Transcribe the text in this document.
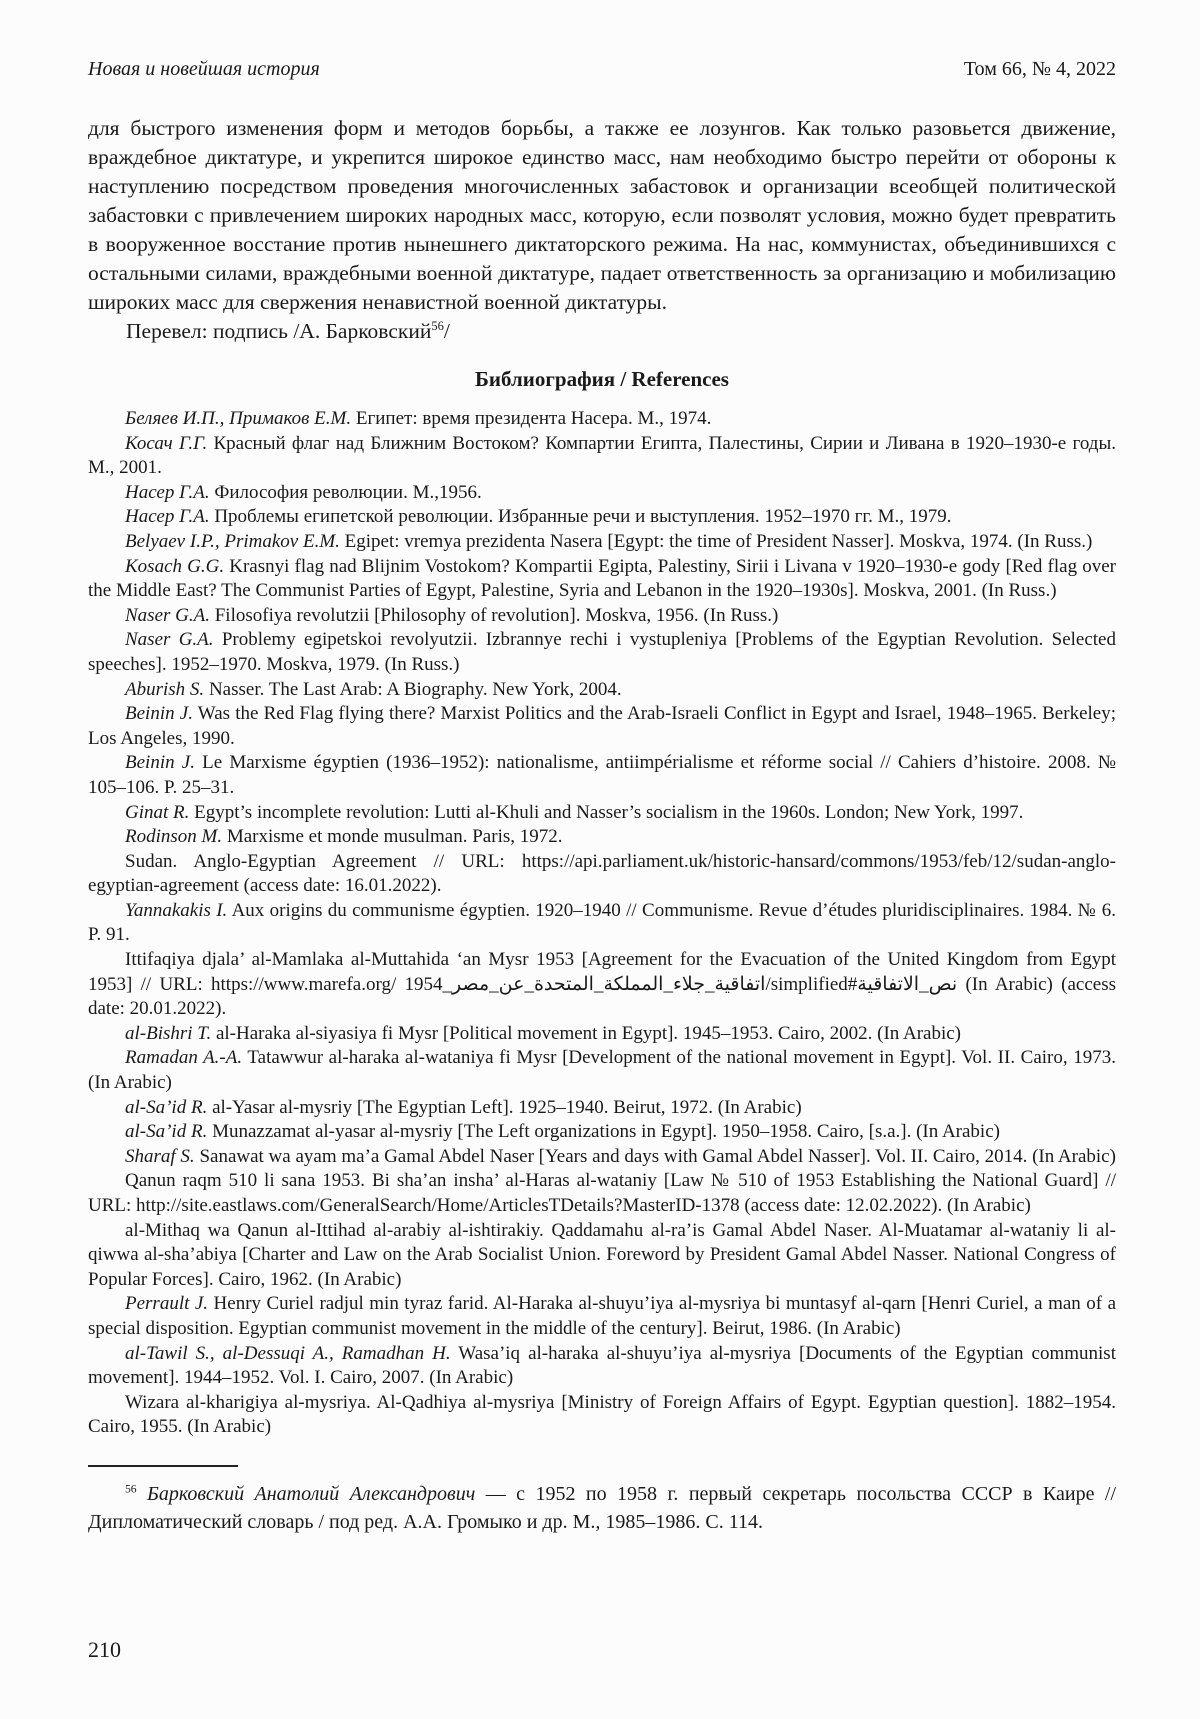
Новая и новейшая история	Том 66, № 4, 2022

для быстрого изменения форм и методов борьбы, а также ее лозунгов. Как только разовьется движение, враждебное диктатуре, и укрепится широкое единство масс, нам необходимо быстро перейти от обороны к наступлению посредством проведения многочисленных забастовок и организации всеобщей политической забастовки с привлечением широких народных масс, которую, если позволят условия, можно будет превратить в вооруженное восстание против нынешнего диктаторского режима. На нас, коммунистах, объединившихся с остальными силами, враждебными военной диктатуре, падает ответственность за организацию и мобилизацию широких масс для свержения ненавистной военной диктатуры.

Перевел: подпись /А. Барковский$^{56}$/

Библиография / References

Беляев И.П., Примаков Е.М. Египет: время президента Насера. М., 1974.

Косач Г.Г. Красный флаг над Ближним Востоком? Компартии Египта, Палестины, Сирии и Ливана в 1920–1930-е годы. М., 2001.

Насер Г.А. Философия революции. М.,1956.

Насер Г.А. Проблемы египетской революции. Избранные речи и выступления. 1952–1970 гг. М., 1979.

Belyaev I.P., Primakov E.M. Egipet: vremya prezidenta Nasera [Egypt: the time of President Nasser]. Moskva, 1974. (In Russ.)

Kosach G.G. Krasnyi flag nad Blijnim Vostokom? Kompartii Egipta, Palestiny, Sirii i Livana v 1920–1930-e gody [Red flag over the Middle East? The Communist Parties of Egypt, Palestine, Syria and Lebanon in the 1920–1930s]. Moskva, 2001. (In Russ.)

Naser G.A. Filosofiya revolutzii [Philosophy of revolution]. Moskva, 1956. (In Russ.)

Naser G.A. Problemy egipetskoi revolyutzii. Izbrannye rechi i vystupleniya [Problems of the Egyptian Revolution. Selected speeches]. 1952–1970. Moskva, 1979. (In Russ.)

Aburish S. Nasser. The Last Arab: A Biography. New York, 2004.

Beinin J. Was the Red Flag flying there? Marxist Politics and the Arab-Israeli Conflict in Egypt and Israel, 1948–1965. Berkeley; Los Angeles, 1990.

Beinin J. Le Marxisme égyptien (1936–1952): nationalisme, antiimpérialisme et réforme social // Cahiers d’histoire. 2008. № 105–106. P. 25–31.

Ginat R. Egypt’s incomplete revolution: Lutti al-Khuli and Nasser’s socialism in the 1960s. London; New York, 1997.

Rodinson M. Marxisme et monde musulman. Paris, 1972.

Sudan. Anglo-Egyptian Agreement // URL: https://api.parliament.uk/historic-hansard/commons/1953/feb/12/sudan-anglo-egyptian-agreement (access date: 16.01.2022).

Yannakakis I. Aux origins du communisme égyptien. 1920–1940 // Communisme. Revue d’études pluridisciplinaires. 1984. № 6. P. 91.

Ittifaqiya djala’ al-Mamlaka al-Muttahida ‘an Mysr 1953 [Agreement for the Evacuation of the United Kingdom from Egypt 1953] // URL: https://www.marefa.org/ اتفاقية_جلاء_المملكة_المتحدة_عن_مصر_1954/simplified#نص_الاتفاقية (In Arabic) (access date: 20.01.2022).

al-Bishri T. al-Haraka al-siyasiya fi Mysr [Political movement in Egypt]. 1945–1953. Cairo, 2002. (In Arabic)

Ramadan A.-A. Tatawwur al-haraka al-wataniya fi Mysr [Development of the national movement in Egypt]. Vol. II. Cairo, 1973. (In Arabic)

al-Sa’id R. al-Yasar al-mysriy [The Egyptian Left]. 1925–1940. Beirut, 1972. (In Arabic)

al-Sa’id R. Munazzamat al-yasar al-mysriy [The Left organizations in Egypt]. 1950–1958. Cairo, [s.a.]. (In Arabic)

Sharaf S. Sanawat wa ayam ma’a Gamal Abdel Naser [Years and days with Gamal Abdel Nasser]. Vol. II. Cairo, 2014. (In Arabic)

Qanun raqm 510 li sana 1953. Bi sha’an insha’ al-Haras al-wataniy [Law № 510 of 1953 Establishing the National Guard] // URL: http://site.eastlaws.com/GeneralSearch/Home/ArticlesTDetails?MasterID-1378 (access date: 12.02.2022). (In Arabic)

al-Mithaq wa Qanun al-Ittihad al-arabiy al-ishtirakiy. Qaddamahu al-ra’is Gamal Abdel Naser. Al-Muatamar al-wataniy li al-qiwwa al-sha’abiya [Charter and Law on the Arab Socialist Union. Foreword by President Gamal Abdel Nasser. National Congress of Popular Forces]. Cairo, 1962. (In Arabic)

Perrault J. Henry Curiel radjul min tyraz farid. Al-Haraka al-shuyu’iya al-mysriya bi muntasyf al-qarn [Henri Curiel, a man of a special disposition. Egyptian communist movement in the middle of the century]. Beirut, 1986. (In Arabic)

al-Tawil S., al-Dessuqi A., Ramadhan H. Wasa’iq al-haraka al-shuyu’iya al-mysriya [Documents of the Egyptian communist movement]. 1944–1952. Vol. I. Cairo, 2007. (In Arabic)

Wizara al-kharigiya al-mysriya. Al-Qadhiya al-mysriya [Ministry of Foreign Affairs of Egypt. Egyptian question]. 1882–1954. Cairo, 1955. (In Arabic)

$^{56}$ Барковский Анатолий Александрович — с 1952 по 1958 г. первый секретарь посольства СССР в Каире // Дипломатический словарь / под ред. А.А. Громыко и др. М., 1985–1986. С. 114.

210
